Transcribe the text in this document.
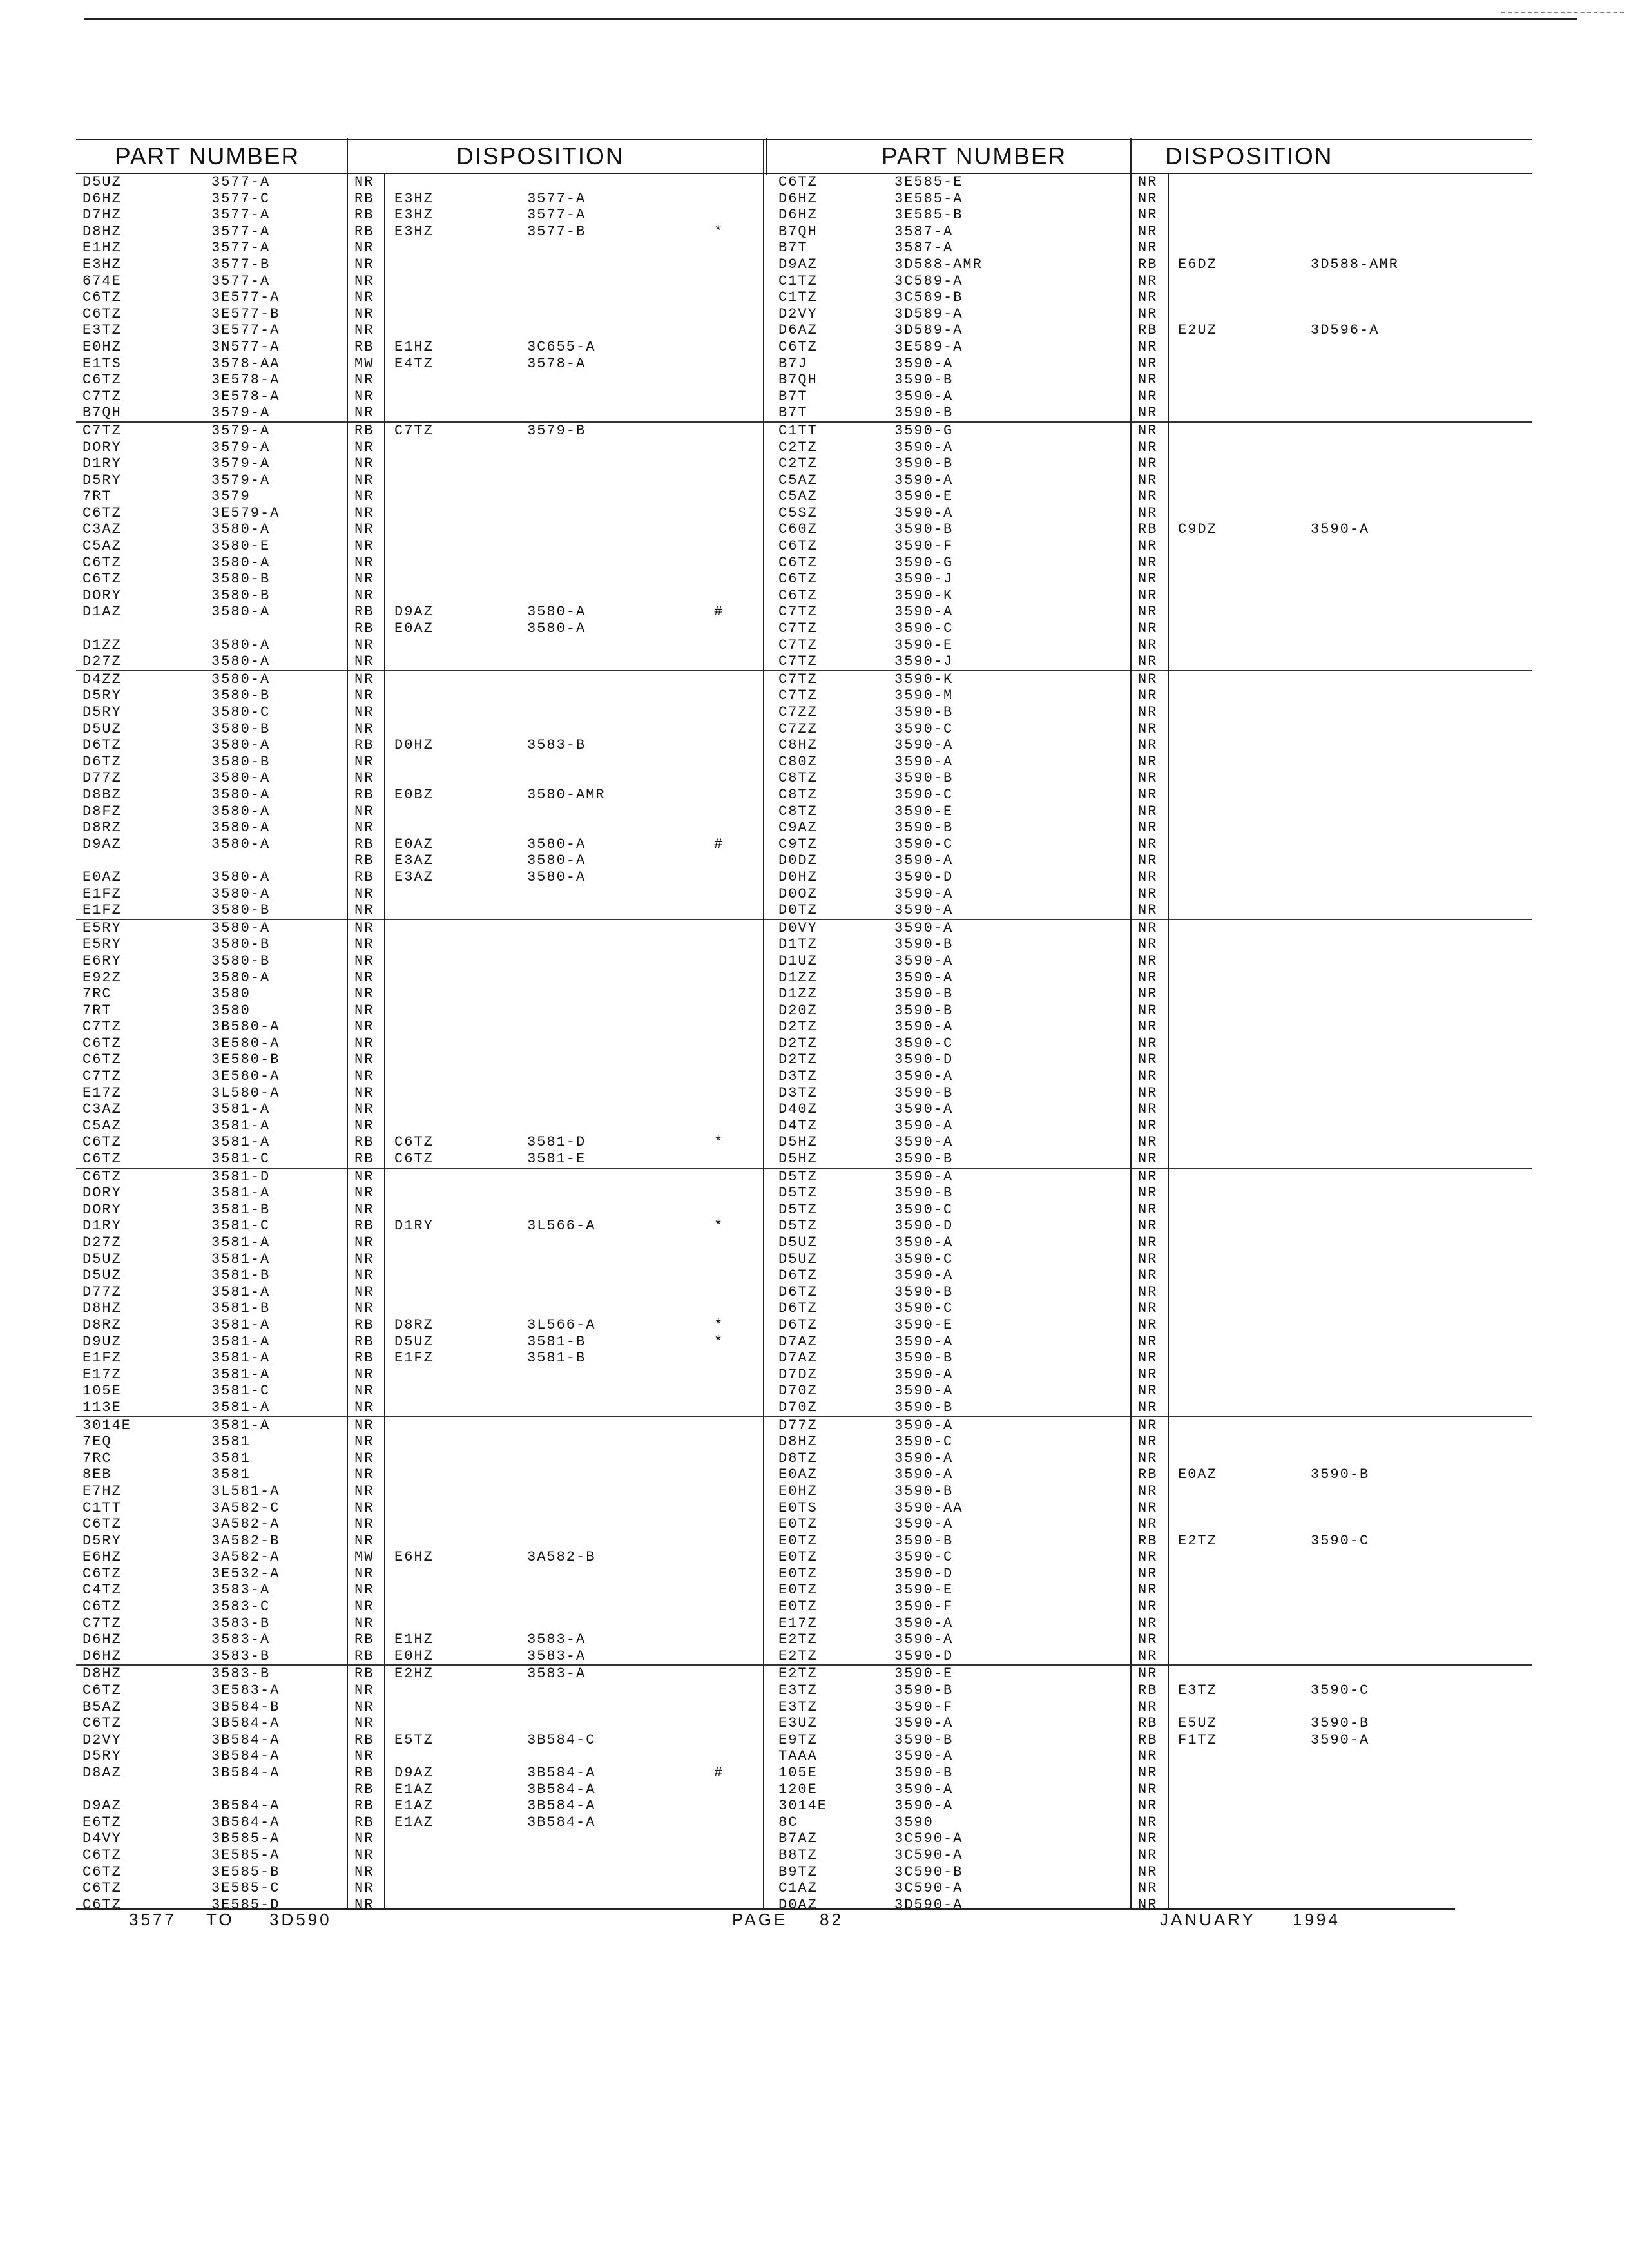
PART NUMBER	DISPOSITION
D5UZ	3577-A	NR
D6HZ	3577-C	RB E3HZ	3577-A
D7HZ	3577-A	RB E3HZ	3577-A
D8HZ	3577-A	RB E3HZ	3577-B	*
E1HZ	3577-A	NR
E3HZ	3577-B	NR
674E	3577-A	NR
C6TZ	3E577-A	NR
C6TZ	3E577-B	NR
E3TZ	3E577-A	NR
E0HZ	3N577-A	RB E1HZ	3C655-A
E1TS	3578-AA	MW E4TZ	3578-A
C6TZ	3E578-A	NR
C7TZ	3E578-A	NR
B7QH	3579-A	NR
C7TZ	3579-A	RB C7TZ	3579-B
DORY	3579-A	NR
D1RY	3579-A	NR
D5RY	3579-A	NR
7RT	3579	NR
C6TZ	3E579-A	NR
C3AZ	3580-A	NR
C5AZ	3580-E	NR
C6TZ	3580-A	NR
C6TZ	3580-B	NR
DORY	3580-B	NR
D1AZ	3580-A	RB D9AZ	3580-A	#
RB E0AZ	3580-A
D1ZZ	3580-A	NR
D27Z	3580-A	NR
D4ZZ	3580-A	NR
D5RY	3580-B	NR
D5RY	3580-C	NR
D5UZ	3580-B	NR
D6TZ	3580-A	RB D0HZ	3583-B
D6TZ	3580-B	NR
D77Z	3580-A	NR
D8BZ	3580-A	RB E0BZ	3580-AMR
D8FZ	3580-A	NR
D8RZ	3580-A	NR
D9AZ	3580-A	RB E0AZ	3580-A	#
RB E3AZ	3580-A
E0AZ	3580-A	RB E3AZ	3580-A
E1FZ	3580-A	NR
E1FZ	3580-B	NR
E5RY	3580-A	NR
E5RY	3580-B	NR
E6RY	3580-B	NR
E92Z	3580-A	NR
7RC	3580	NR
7RT	3580	NR
C7TZ	3B580-A	NR
C6TZ	3E580-A	NR
C6TZ	3E580-B	NR
C7TZ	3E580-A	NR
E17Z	3L580-A	NR
C3AZ	3581-A	NR
C5AZ	3581-A	NR
C6TZ	3581-A	RB C6TZ	3581-D	*
C6TZ	3581-C	RB C6TZ	3581-E
C6TZ	3581-D	NR
DORY	3581-A	NR
DORY	3581-B	NR
D1RY	3581-C	RB D1RY	3L566-A	*
D27Z	3581-A	NR
D5UZ	3581-A	NR
D5UZ	3581-B	NR
D77Z	3581-A	NR
D8HZ	3581-B	NR
D8RZ	3581-A	RB D8RZ	3L566-A	*
D9UZ	3581-A	RB D5UZ	3581-B	*
E1FZ	3581-A	RB E1FZ	3581-B
E17Z	3581-A	NR
105E	3581-C	NR
113E	3581-A	NR
3014E	3581-A	NR
7EQ	3581	NR
7RC	3581	NR
8EB	3581	NR
E7HZ	3L581-A	NR
C1TT	3A582-C	NR
C6TZ	3A582-A	NR
D5RY	3A582-B	NR
E6HZ	3A582-A	MW E6HZ	3A582-B
C6TZ	3E532-A	NR
C4TZ	3583-A	NR
C6TZ	3583-C	NR
C7TZ	3583-B	NR
D6HZ	3583-A	RB E1HZ	3583-A
D6HZ	3583-B	RB E0HZ	3583-A
D8HZ	3583-B	RB E2HZ	3583-A
C6TZ	3E583-A	NR
B5AZ	3B584-B	NR
C6TZ	3B584-A	NR
D2VY	3B584-A	RB E5TZ	3B584-C
D5RY	3B584-A	NR
D8AZ	3B584-A	RB D9AZ	3B584-A	#
RB E1AZ	3B584-A
D9AZ	3B584-A	RB E1AZ	3B584-A
E6TZ	3B584-A	RB E1AZ	3B584-A
D4VY	3B585-A	NR
C6TZ	3E585-A	NR
C6TZ	3E585-B	NR
C6TZ	3E585-C	NR
C6TZ	3E585-D	NR
PART NUMBER	DISPOSITION
C6TZ	3E585-E	NR
D6HZ	3E585-A	NR
D6HZ	3E585-B	NR
B7QH	3587-A	NR
B7T	3587-A	NR
D9AZ	3D588-AMR	RB E6DZ	3D588-AMR
C1TZ	3C589-A	NR
C1TZ	3C589-B	NR
D2VY	3D589-A	NR
D6AZ	3D589-A	RB E2UZ	3D596-A
C6TZ	3E589-A	NR
B7J	3590-A	NR
B7QH	3590-B	NR
B7T	3590-A	NR
B7T	3590-B	NR
C1TT	3590-G	NR
C2TZ	3590-A	NR
C2TZ	3590-B	NR
C5AZ	3590-A	NR
C5AZ	3590-E	NR
C5SZ	3590-A	NR
C60Z	3590-B	RB C9DZ	3590-A
C6TZ	3590-F	NR
C6TZ	3590-G	NR
C6TZ	3590-J	NR
C6TZ	3590-K	NR
C7TZ	3590-A	NR
C7TZ	3590-C	NR
C7TZ	3590-E	NR
C7TZ	3590-J	NR
C7TZ	3590-K	NR
C7TZ	3590-M	NR
C7ZZ	3590-B	NR
C7ZZ	3590-C	NR
C8HZ	3590-A	NR
C80Z	3590-A	NR
C8TZ	3590-B	NR
C8TZ	3590-C	NR
C8TZ	3590-E	NR
C9AZ	3590-B	NR
C9TZ	3590-C	NR
D0DZ	3590-A	NR
D0HZ	3590-D	NR
D0OZ	3590-A	NR
D0TZ	3590-A	NR
D0VY	3590-A	NR
D1TZ	3590-B	NR
D1UZ	3590-A	NR
D1ZZ	3590-A	NR
D1ZZ	3590-B	NR
D20Z	3590-B	NR
D2TZ	3590-A	NR
D2TZ	3590-C	NR
D2TZ	3590-D	NR
D3TZ	3590-A	NR
D3TZ	3590-B	NR
D40Z	3590-A	NR
D4TZ	3590-A	NR
D5HZ	3590-A	NR
D5HZ	3590-B	NR
D5TZ	3590-A	NR
D5TZ	3590-B	NR
D5TZ	3590-C	NR
D5TZ	3590-D	NR
D5UZ	3590-A	NR
D5UZ	3590-C	NR
D6TZ	3590-A	NR
D6TZ	3590-B	NR
D6TZ	3590-C	NR
D6TZ	3590-E	NR
D7AZ	3590-A	NR
D7AZ	3590-B	NR
D7DZ	3590-A	NR
D70Z	3590-A	NR
D70Z	3590-B	NR
D77Z	3590-A	NR
D8HZ	3590-C	NR
D8TZ	3590-A	NR
E0AZ	3590-A	RB E0AZ	3590-B
E0HZ	3590-B	NR
E0TS	3590-AA	NR
E0TZ	3590-A	NR
E0TZ	3590-B	RB E2TZ	3590-C
E0TZ	3590-C	NR
E0TZ	3590-D	NR
E0TZ	3590-E	NR
E0TZ	3590-F	NR
E17Z	3590-A	NR
E2TZ	3590-A	NR
E2TZ	3590-D	NR
E2TZ	3590-E	NR
E3TZ	3590-B	RB E3TZ	3590-C
E3TZ	3590-F	NR
E3UZ	3590-A	RB E5UZ	3590-B
E9TZ	3590-B	RB F1TZ	3590-A
TAAA	3590-A	NR
105E	3590-B	NR
120E	3590-A	NR
3014E	3590-A	NR
8C	3590	NR
B7AZ	3C590-A	NR
B8TZ	3C590-A	NR
B9TZ	3C590-B	NR
C1AZ	3C590-A	NR
D0AZ	3D590-A	NR
3577 TO 3D590	PAGE 82	JANUARY 1994
